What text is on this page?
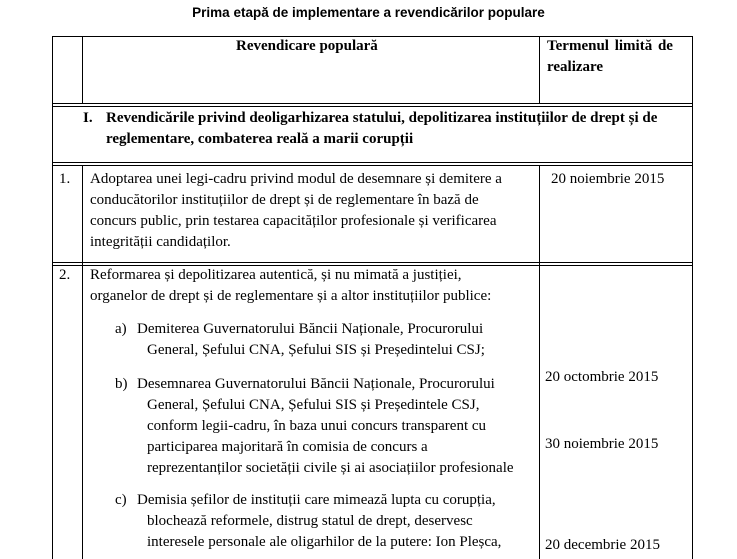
Prima etapă de implementare a revendicărilor populare
Revendicare populară	Termenul limită de
realizare
I. Revendicările privind deoligarhizarea statului, depolitizarea instituțiilor de drept și de
reglementare, combaterea reală a marii corupții
1. Adoptarea unei legi-cadru privind modul de desemnare și demitere a
conducătorilor instituțiilor de drept și de reglementare în bază de
concurs public, prin testarea capacităților profesionale și verificarea
integrității candidaților.
20 noiembrie 2015
2. Reformarea și depolitizarea autentică, și nu mimată a justiției,
organelor de drept și de reglementare și a altor instituțiilor publice:
a) Demiterea Guvernatorului Băncii Naționale, Procurorului
General, Șefului CNA, Șefului SIS și Președintelui CSJ;
b) Desemnarea Guvernatorului Băncii Naționale, Procurorului
General, Șefului CNA, Șefului SIS și Președintele CSJ,
conform legii-cadru, în baza unui concurs transparent cu
participarea majoritară în comisia de concurs a
reprezentanților societății civile și ai asociațiilor profesionale
c) Demisia șefilor de instituții care mimează lupta cu corupția,
blochează reformele, distrug statul de drept, deservesc
interesele personale ale oligarhilor de la putere: Ion Pleșca,
20 octombrie 2015
30 noiembrie 2015
20 decembrie 2015
